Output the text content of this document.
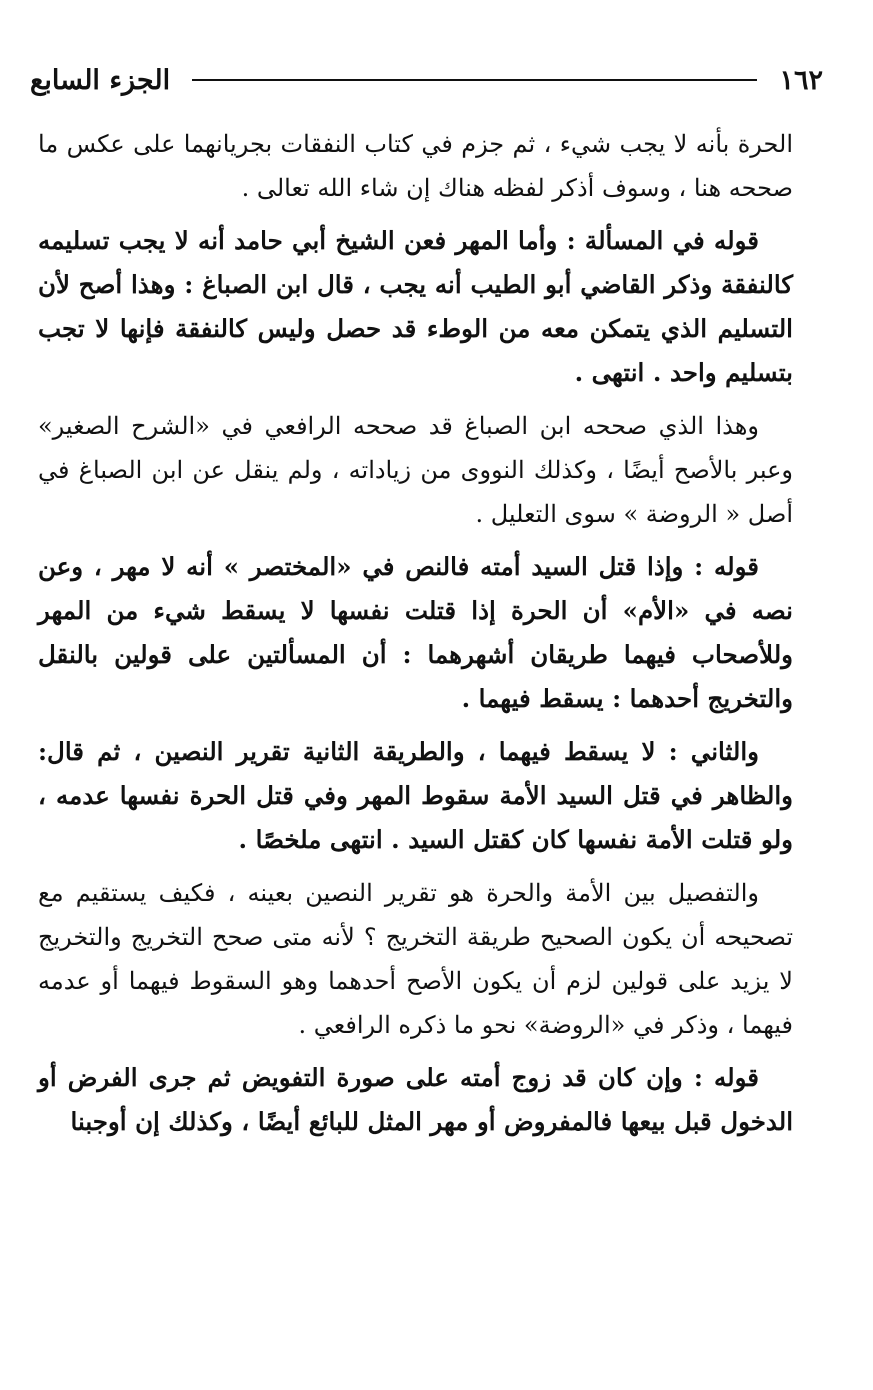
١٦٢
الجزء السابع

الحرة بأنه لا يجب شيء ، ثم جزم في كتاب النفقات بجريانهما على عكس ما صححه هنا ، وسوف أذكر لفظه هناك إن شاء الله تعالى .

قوله في المسألة : وأما المهر فعن الشيخ أبي حامد أنه لا يجب تسليمه كالنفقة وذكر القاضي أبو الطيب أنه يجب ، قال ابن الصباغ : وهذا أصح لأن التسليم الذي يتمكن معه من الوطء قد حصل وليس كالنفقة فإنها لا تجب بتسليم واحد . انتهى .

وهذا الذي صححه ابن الصباغ قد صححه الرافعي في «الشرح الصغير» وعبر بالأصح أيضًا ، وكذلك النووى من زياداته ، ولم ينقل عن ابن الصباغ في أصل « الروضة » سوى التعليل .

قوله : وإذا قتل السيد أمته فالنص في «المختصر » أنه لا مهر ، وعن نصه في «الأم» أن الحرة إذا قتلت نفسها لا يسقط شيء من المهر وللأصحاب فيهما طريقان أشهرهما : أن المسألتين على قولين بالنقل والتخريج أحدهما : يسقط فيهما .

والثاني : لا يسقط فيهما ، والطريقة الثانية تقرير النصين ، ثم قال: والظاهر في قتل السيد الأمة سقوط المهر وفي قتل الحرة نفسها عدمه ، ولو قتلت الأمة نفسها كان كقتل السيد . انتهى ملخصًا .

والتفصيل بين الأمة والحرة هو تقرير النصين بعينه ، فكيف يستقيم مع تصحيحه أن يكون الصحيح طريقة التخريج ؟ لأنه متى صحح التخريج والتخريج لا يزيد على قولين لزم أن يكون الأصح أحدهما وهو السقوط فيهما أو عدمه فيهما ، وذكر في «الروضة» نحو ما ذكره الرافعي .

قوله : وإن كان قد زوج أمته على صورة التفويض ثم جرى الفرض أو الدخول قبل بيعها فالمفروض أو مهر المثل للبائع أيضًا ، وكذلك إن أوجبنا
